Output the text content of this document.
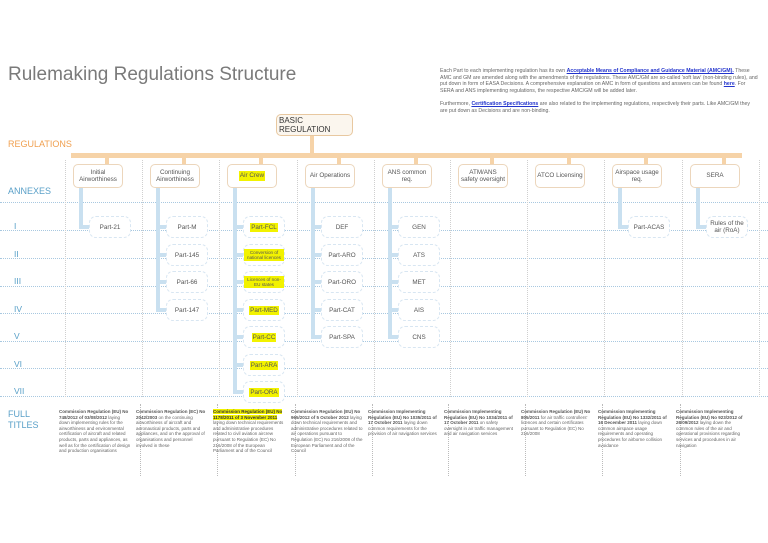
Rulemaking Regulations Structure	Each Part to each implementing regulation has its own Acceptable Means of Compliance and Guidance Material (AMC/GM). These AMC and GM are amended along with the amendments of the regulations. These AMC/GM are so-called 'soft law' (non-binding rules), and put down in form of EASA Decisions. A comprehensive explanation on AMC in form of questions and answers can be found here. For SERA and ANS implementing regulations, the respective AMC/GM will be added later.
Furthermore, Certification Specifications are also related to the implementing regulations, respectively their parts. Like AMC/GM they are put down as Decisions and are non-binding.
REGULATIONS
ANNEXES
FULL TITLES
BASIC REGULATION
Initial Airworthiness
Continuing Airworthiness
Air Crew	Air Operations
ANS common req.
ATM/ANS safety oversight
ATCO Licensing
Airspace usage req.
SERA
I
II
III
IV
V
VI
VII
Part-21	Part-M
Part-145
Part-66
Part-147
Part-FCL
Conversion of national licences
Licences of non-EU states
Part-MED
Part-CC
Part-ARA
Part-ORA
DEF
Part-ARO
Part-ORO
Part-CAT
Part-SPA
GEN
ATS
MET
AIS
CNS
Part-ACAS	Rules of the air (RoA)
Commission Regulation (EU) No 748/2012 of 03/08/2012 laying down implementing rules for the airworthiness and environmental certification of aircraft and related products, parts and appliances, as well as for the certification of design and production organisations
Commission Regulation (EC) No 2042/2003 on the continuing airworthiness of aircraft and aeronautical products, parts and appliances, and on the approval of organisations and personnel involved in these
Commission Regulation (EU) No 1178/2011 of 3 November 2011 laying down technical requirements and administrative procedures related to civil aviation aircrew pursuant to Regulation (EC) No 216/2008 of the European Parliament and of the Council
Commission Regulation (EU) No 965/2012 of 5 October 2012 laying down technical requirements and administrative procedures related to air operations pursuant to Regulation (EC) No 216/2008 of the European Parliament and of the Council
Commission Implementing Regulation (EU) No 1035/2011 of 17 October 2011 laying down common requirements for the provision of air navigation services
Commission Implementing Regulation (EU) No 1034/2011 of 17 October 2011 on safety oversight in air traffic management and air navigation services
Commission Regulation (EU) No 805/2011 for air traffic controllers' licences and certain certificates pursuant to Regulation (EC) No 216/2008
Commission Implementing Regulation (EU) No 1332/2011 of 16 December 2011 laying down common airspace usage requirements and operating procedures for airborne collision avoidance
Commission Implementing Regulation (EU) No 923/2012 of 26/09/2012 laying down the common rules of the air and operational provisions regarding services and procedures in air navigation
